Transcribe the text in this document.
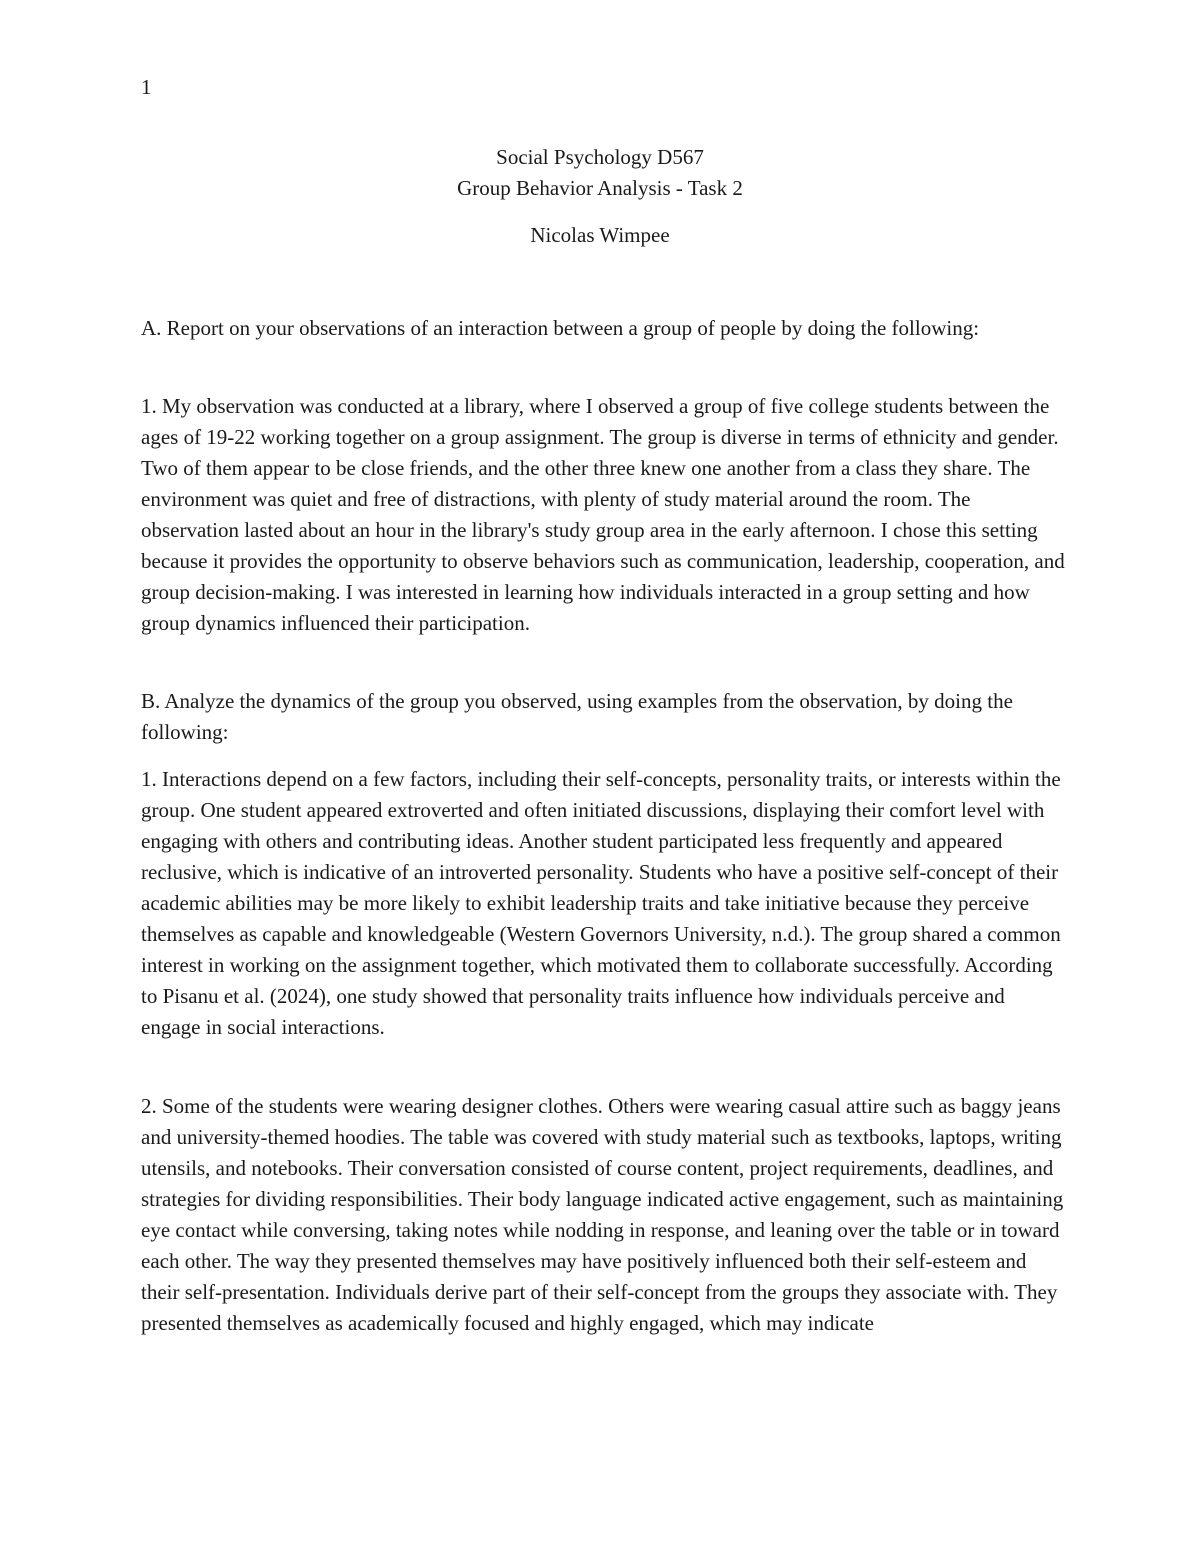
1
Social Psychology D567
Group Behavior Analysis - Task 2
Nicolas Wimpee

A. Report on your observations of an interaction between a group of people by doing the following:

1. My observation was conducted at a library, where I observed a group of five college students between the ages of 19-22 working together on a group assignment. The group is diverse in terms of ethnicity and gender. Two of them appear to be close friends, and the other three knew one another from a class they share. The environment was quiet and free of distractions, with plenty of study material around the room. The observation lasted about an hour in the library's study group area in the early afternoon. I chose this setting because it provides the opportunity to observe behaviors such as communication, leadership, cooperation, and group decision-making. I was interested in learning how individuals interacted in a group setting and how group dynamics influenced their participation.

B. Analyze the dynamics of the group you observed, using examples from the observation, by doing the following:

1. Interactions depend on a few factors, including their self-concepts, personality traits, or interests within the group. One student appeared extroverted and often initiated discussions, displaying their comfort level with engaging with others and contributing ideas. Another student participated less frequently and appeared reclusive, which is indicative of an introverted personality. Students who have a positive self-concept of their academic abilities may be more likely to exhibit leadership traits and take initiative because they perceive themselves as capable and knowledgeable (Western Governors University, n.d.). The group shared a common interest in working on the assignment together, which motivated them to collaborate successfully. According to Pisanu et al. (2024), one study showed that personality traits influence how individuals perceive and engage in social interactions.

2. Some of the students were wearing designer clothes. Others were wearing casual attire such as baggy jeans and university-themed hoodies. The table was covered with study material such as textbooks, laptops, writing utensils, and notebooks. Their conversation consisted of course content, project requirements, deadlines, and strategies for dividing responsibilities. Their body language indicated active engagement, such as maintaining eye contact while conversing, taking notes while nodding in response, and leaning over the table or in toward each other. The way they presented themselves may have positively influenced both their self-esteem and their self-presentation. Individuals derive part of their self-concept from the groups they associate with. They presented themselves as academically focused and highly engaged, which may indicate
